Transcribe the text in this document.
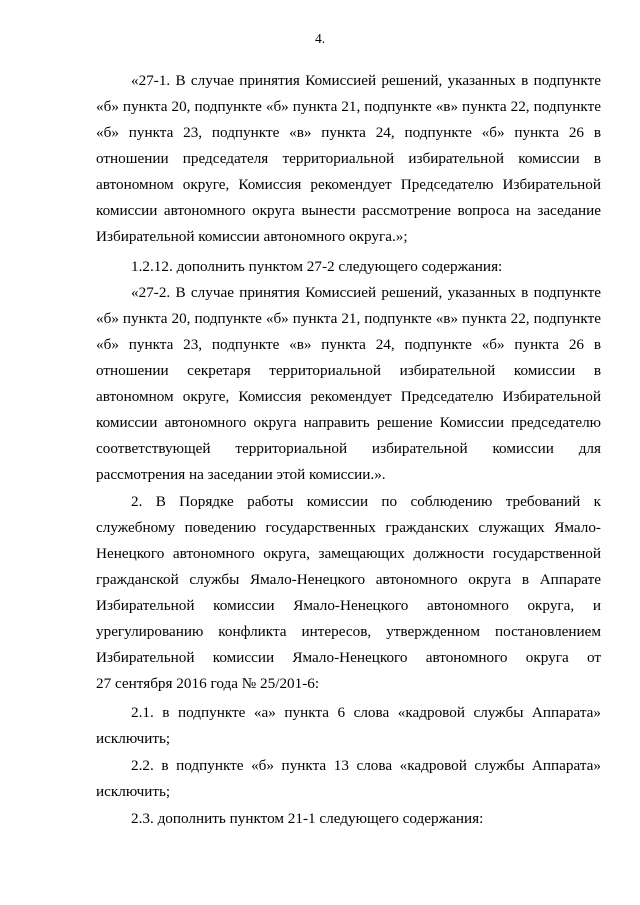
4.
«27-1. В случае принятия Комиссией решений, указанных в подпункте
«б» пункта 20, подпункте «б» пункта 21, подпункте «в» пункта 22, подпункте
«б» пункта 23, подпункте «в» пункта 24, подпункте «б» пункта 26 в
отношении председателя территориальной избирательной комиссии в
автономном округе, Комиссия рекомендует Председателю Избирательной
комиссии автономного округа вынести рассмотрение вопроса на заседание
Избирательной комиссии автономного округа.»;
1.2.12. дополнить пунктом 27-2 следующего содержания:
«27-2. В случае принятия Комиссией решений, указанных в подпункте
«б» пункта 20, подпункте «б» пункта 21, подпункте «в» пункта 22, подпункте
«б» пункта 23, подпункте «в» пункта 24, подпункте «б» пункта 26 в
отношении секретаря территориальной избирательной комиссии в
автономном округе, Комиссия рекомендует Председателю Избирательной
комиссии автономного округа направить решение Комиссии председателю
соответствующей территориальной избирательной комиссии для
рассмотрения на заседании этой комиссии.».
2. В Порядке работы комиссии по соблюдению требований к
служебному поведению государственных гражданских служащих Ямало-
Ненецкого автономного округа, замещающих должности государственной
гражданской службы Ямало-Ненецкого автономного округа в Аппарате
Избирательной комиссии Ямало-Ненецкого автономного округа, и
урегулированию конфликта интересов, утвержденном постановлением
Избирательной комиссии Ямало-Ненецкого автономного округа от
27 сентября 2016 года № 25/201-6:
2.1. в подпункте «а» пункта 6 слова «кадровой службы Аппарата»
исключить;
2.2. в подпункте «б» пункта 13 слова «кадровой службы Аппарата»
исключить;
2.3. дополнить пунктом 21-1 следующего содержания:
